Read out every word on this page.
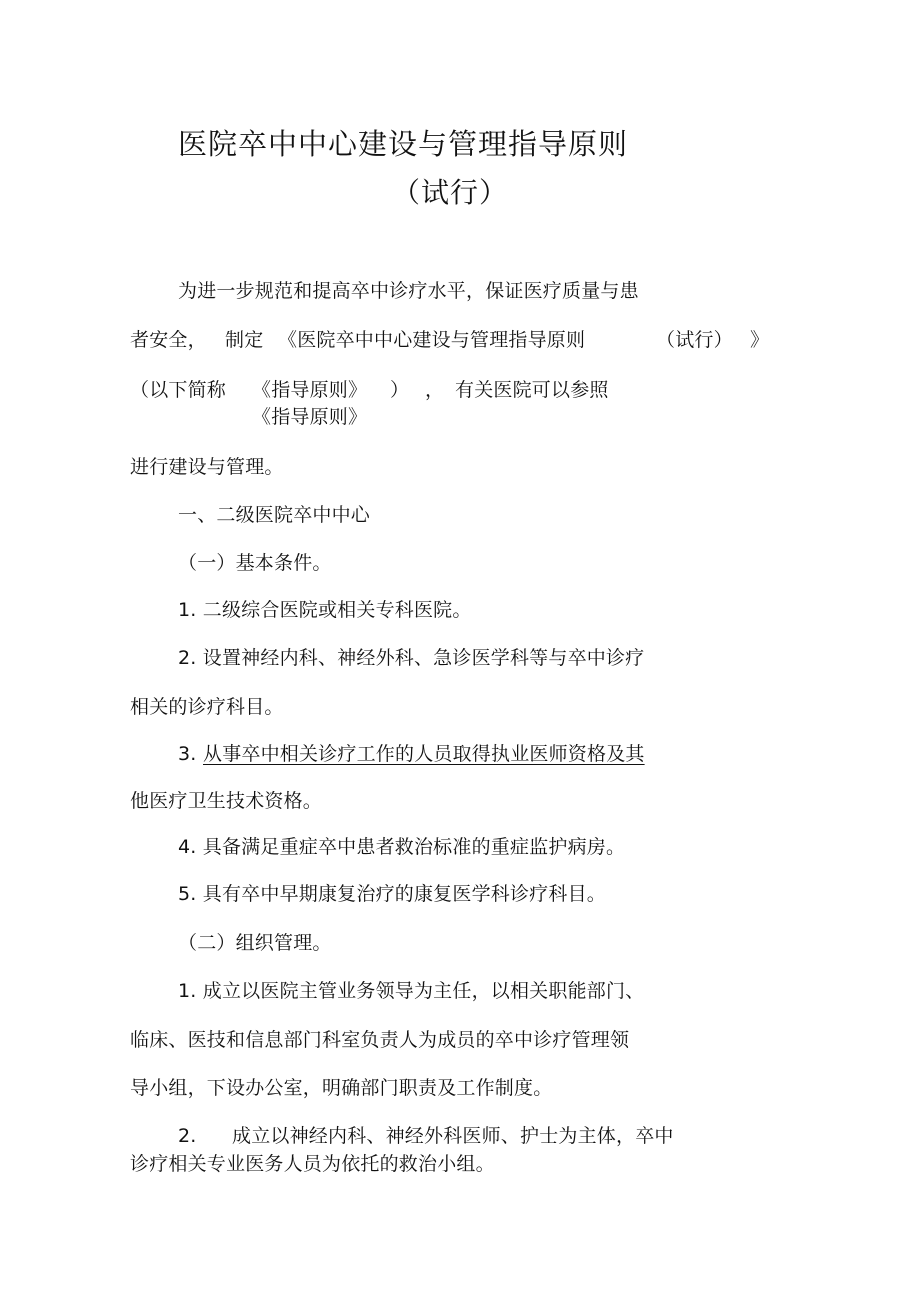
医院卒中中心建设与管理指导原则
（试行）
为进一步规范和提高卒中诊疗水平，保证医疗质量与患
者安全， 制定 《医院卒中中心建设与管理指导原则	（试行） 》
（以下简称 《指导原则》 ） ， 有关医院可以参照
《指导原则》
进行建设与管理。
一、二级医院卒中中心
（一）基本条件。
1. 二级综合医院或相关专科医院。
2. 设置神经内科、神经外科、急诊医学科等与卒中诊疗
相关的诊疗科目。
3. 从事卒中相关诊疗工作的人员取得执业医师资格及其
他医疗卫生技术资格。
4. 具备满足重症卒中患者救治标准的重症监护病房。
5. 具有卒中早期康复治疗的康复医学科诊疗科目。
（二）组织管理。
1. 成立以医院主管业务领导为主任，以相关职能部门、
临床、医技和信息部门科室负责人为成员的卒中诊疗管理领
导小组，下设办公室，明确部门职责及工作制度。
2. 成立以神经内科、神经外科医师、护士为主体，卒中
诊疗相关专业医务人员为依托的救治小组。
